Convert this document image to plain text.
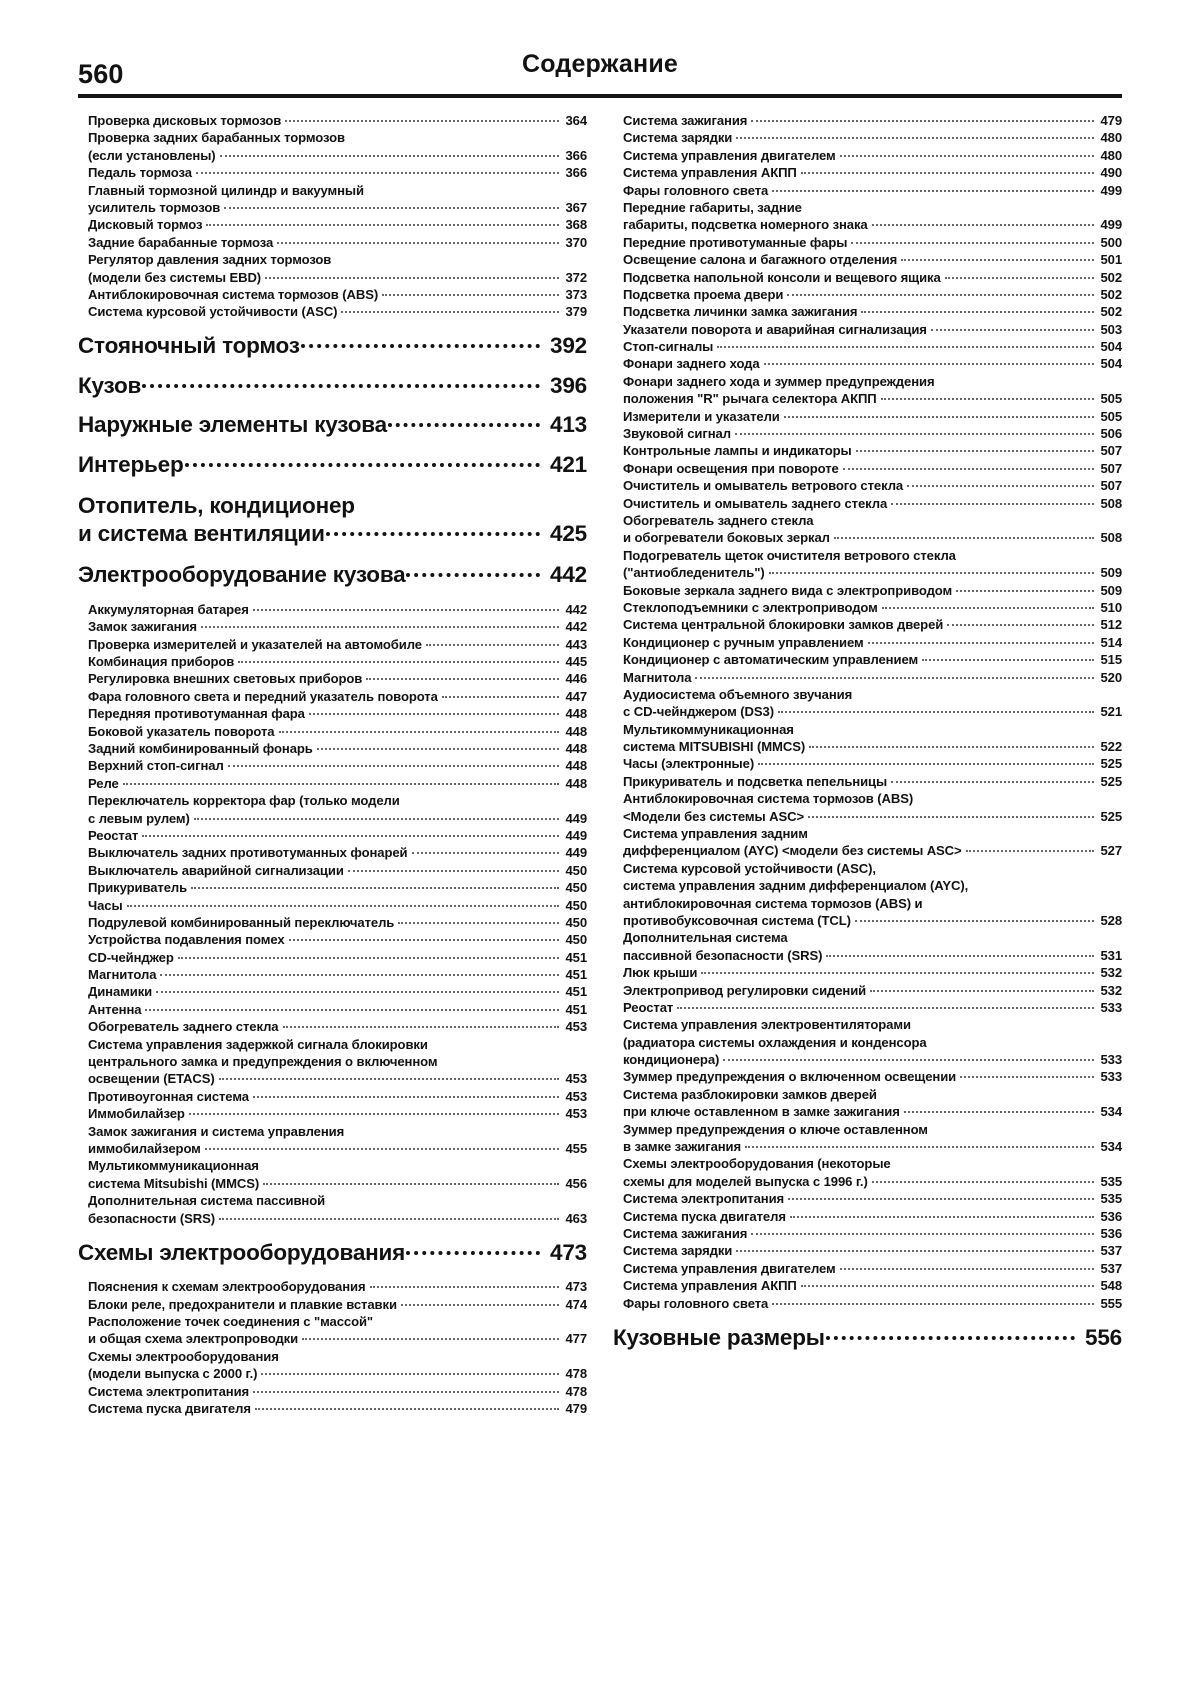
560	Содержание
Проверка дисковых тормозов	364
Проверка задних барабанных тормозов
(если установлены)	366
Педаль тормоза	366
Главный тормозной цилиндр и вакуумный
усилитель тормозов	367
Дисковый тормоз	368
Задние барабанные тормоза	370
Регулятор давления задних тормозов
(модели без системы EBD)	372
Антиблокировочная система тормозов (ABS)	373
Система курсовой устойчивости (ASC)	379
Стояночный тормоз	392
Кузов	396
Наружные элементы кузова	413
Интерьер	421
Отопитель, кондиционер
и система вентиляции	425
Электрооборудование кузова	442
Аккумуляторная батарея	442
Замок зажигания	442
Проверка измерителей и указателей на автомобиле	443
Комбинация приборов	445
Регулировка внешних световых приборов	446
Фара головного света и передний указатель поворота	447
Передняя противотуманная фара	448
Боковой указатель поворота	448
Задний комбинированный фонарь	448
Верхний стоп-сигнал	448
Реле	448
Переключатель корректора фар (только модели
с левым рулем)	449
Реостат	449
Выключатель задних противотуманных фонарей	449
Выключатель аварийной сигнализации	450
Прикуриватель	450
Часы	450
Подрулевой комбинированный переключатель	450
Устройства подавления помех	450
CD-чейнджер	451
Магнитола	451
Динамики	451
Антенна	451
Обогреватель заднего стекла	453
Система управления задержкой сигнала блокировки
центрального замка и предупреждения о включенном
освещении (ETACS)	453
Противоугонная система	453
Иммобилайзер	453
Замок зажигания и система управления
иммобилайзером	455
Мультикоммуникационная
система Mitsubishi (MMCS)	456
Дополнительная система пассивной
безопасности (SRS)	463
Схемы электрооборудования	473
Пояснения к схемам электрооборудования	473
Блоки реле, предохранители и плавкие вставки	474
Расположение точек соединения с "массой"
и общая схема электропроводки	477
Схемы электрооборудования
(модели выпуска с 2000 г.)	478
Система электропитания	478
Система пуска двигателя	479
Система зажигания	479
Система зарядки	480
Система управления двигателем	480
Система управления АКПП	490
Фары головного света	499
Передние габариты, задние
габариты, подсветка номерного знака	499
Передние противотуманные фары	500
Освещение салона и багажного отделения	501
Подсветка напольной консоли и вещевого ящика	502
Подсветка проема двери	502
Подсветка личинки замка зажигания	502
Указатели поворота и аварийная сигнализация	503
Стоп-сигналы	504
Фонари заднего хода	504
Фонари заднего хода и зуммер предупреждения
положения "R" рычага селектора АКПП	505
Измерители и указатели	505
Звуковой сигнал	506
Контрольные лампы и индикаторы	507
Фонари освещения при повороте	507
Очиститель и омыватель ветрового стекла	507
Очиститель и омыватель заднего стекла	508
Обогреватель заднего стекла
и обогреватели боковых зеркал	508
Подогреватель щеток очистителя ветрового стекла
("антиобледенитель")	509
Боковые зеркала заднего вида с электроприводом	509
Стеклоподъемники с электроприводом	510
Система центральной блокировки замков дверей	512
Кондиционер с ручным управлением	514
Кондиционер с автоматическим управлением	515
Магнитола	520
Аудиосистема объемного звучания
с CD-чейнджером (DS3)	521
Мультикоммуникационная
система MITSUBISHI (MMCS)	522
Часы (электронные)	525
Прикуриватель и подсветка пепельницы	525
Антиблокировочная система тормозов (ABS)
<Модели без системы ASC>	525
Система управления задним
дифференциалом (AYC) <модели без системы ASC>	527
Система курсовой устойчивости (ASC),
система управления задним дифференциалом (AYC),
антиблокировочная система тормозов (ABS) и
противобуксовочная система (TCL)	528
Дополнительная система
пассивной безопасности (SRS)	531
Люк крыши	532
Электропривод регулировки сидений	532
Реостат	533
Система управления электровентиляторами
(радиатора системы охлаждения и конденсора
кондиционера)	533
Зуммер предупреждения о включенном освещении	533
Система разблокировки замков дверей
при ключе оставленном в замке зажигания	534
Зуммер предупреждения о ключе оставленном
в замке зажигания	534
Схемы электрооборудования (некоторые
схемы для моделей выпуска с 1996 г.)	535
Система электропитания	535
Система пуска двигателя	536
Система зажигания	536
Система зарядки	537
Система управления двигателем	537
Система управления АКПП	548
Фары головного света	555
Кузовные размеры	556
